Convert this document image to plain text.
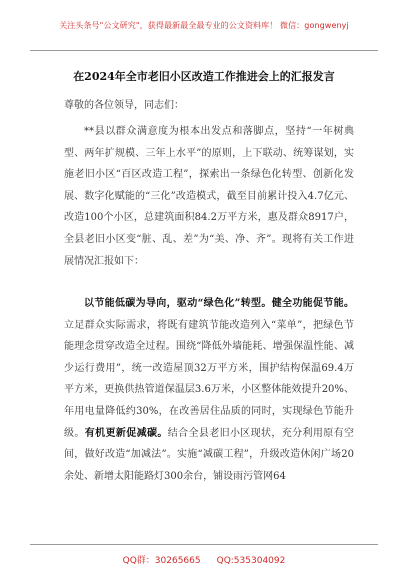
关注头条号"公文研究"，获得最新最全最专业的公文资料库！ 微信：gongwenyj
在2024年全市老旧小区改造工作推进会上的汇报发言
尊敬的各位领导，同志们：

**县以群众满意度为根本出发点和落脚点，坚持“一年树典型、两年扩规模、三年上水平”的原则，上下联动、统筹谋划，实施老旧小区“百区改造工程”，探索出一条绿色化转型、创新化发展、数字化赋能的“三化”改造模式，截至目前累计投入4.7亿元、改造100个小区，总建筑面积84.2万平方米，惠及群众8917户，全县老旧小区变“脏、乱、差”为“美、净、齐”。现将有关工作进展情况汇报如下：

以节能低碳为导向，驱动“绿色化”转型。健全功能促节能。立足群众实际需求，将既有建筑节能改造列入“菜单”，把绿色节能理念贯穿改造全过程。围绕“降低外墙能耗、增强保温性能、减少运行费用”，统一改造屋顶32万平方米，围护结构保温69.4万平方米，更换供热管道保温层3.6万米，小区整体能效提升20%、年用电量降低约30%，在改善居住品质的同时，实现绿色节能升级。有机更新促减碳。结合全县老旧小区现状，充分利用原有空间，做好改造“加减法”。实施“减碳工程”，升级改造休闲广场20余处、新增太阳能路灯300余台，铺设雨污管网64

QQ群：30265665 QQ:535304092
